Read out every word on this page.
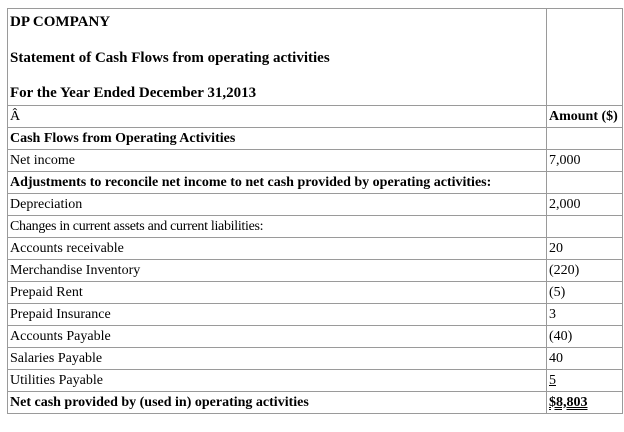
DP COMPANY
Statement of Cash Flows from operating activities
For the Year Ended December 31,2013	

Â	Amount ($)
Cash Flows from Operating Activities	
Net income	7,000
Adjustments to reconcile net income to net cash provided by operating activities:	
Depreciation	2,000
Changes in current assets and current liabilities:	
Accounts receivable	20
Merchandise Inventory	(220)
Prepaid Rent	(5)
Prepaid Insurance	3
Accounts Payable	(40)
Salaries Payable	40
Utilities Payable	5
Net cash provided by (used in) operating activities	$8,803
